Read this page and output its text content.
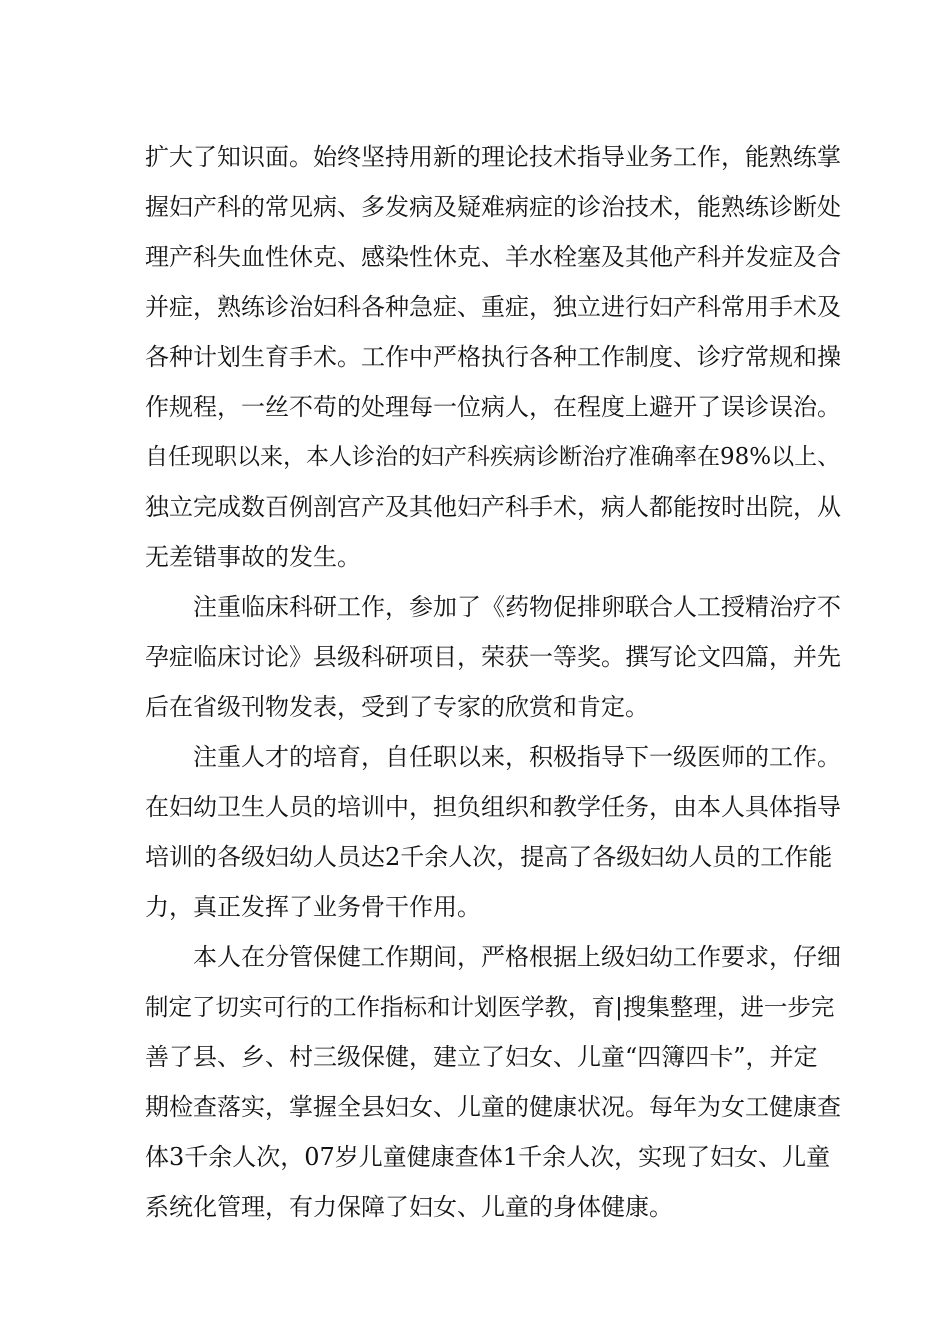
扩大了知识面。始终坚持用新的理论技术指导业务工作，能熟练掌
握妇产科的常见病、多发病及疑难病症的诊治技术，能熟练诊断处
理产科失血性休克、感染性休克、羊水栓塞及其他产科并发症及合
并症，熟练诊治妇科各种急症、重症，独立进行妇产科常用手术及
各种计划生育手术。工作中严格执行各种工作制度、诊疗常规和操
作规程，一丝不苟的处理每一位病人，在程度上避开了误诊误治。
自任现职以来，本人诊治的妇产科疾病诊断治疗准确率在98%以上、
独立完成数百例剖宫产及其他妇产科手术，病人都能按时出院，从
无差错事故的发生。
注重临床科研工作，参加了《药物促排卵联合人工授精治疗不
孕症临床讨论》县级科研项目，荣获一等奖。撰写论文四篇，并先
后在省级刊物发表，受到了专家的欣赏和肯定。
注重人才的培育，自任职以来，积极指导下一级医师的工作。
在妇幼卫生人员的培训中，担负组织和教学任务，由本人具体指导
培训的各级妇幼人员达2千余人次，提高了各级妇幼人员的工作能
力，真正发挥了业务骨干作用。
本人在分管保健工作期间，严格根据上级妇幼工作要求，仔细
制定了切实可行的工作指标和计划医学教，育|搜集整理，进一步完
善了县、乡、村三级保健，建立了妇女、儿童“四簿四卡”，并定
期检查落实，掌握全县妇女、儿童的健康状况。每年为女工健康查
体3千余人次，07岁儿童健康查体1千余人次，实现了妇女、儿童
系统化管理，有力保障了妇女、儿童的身体健康。
